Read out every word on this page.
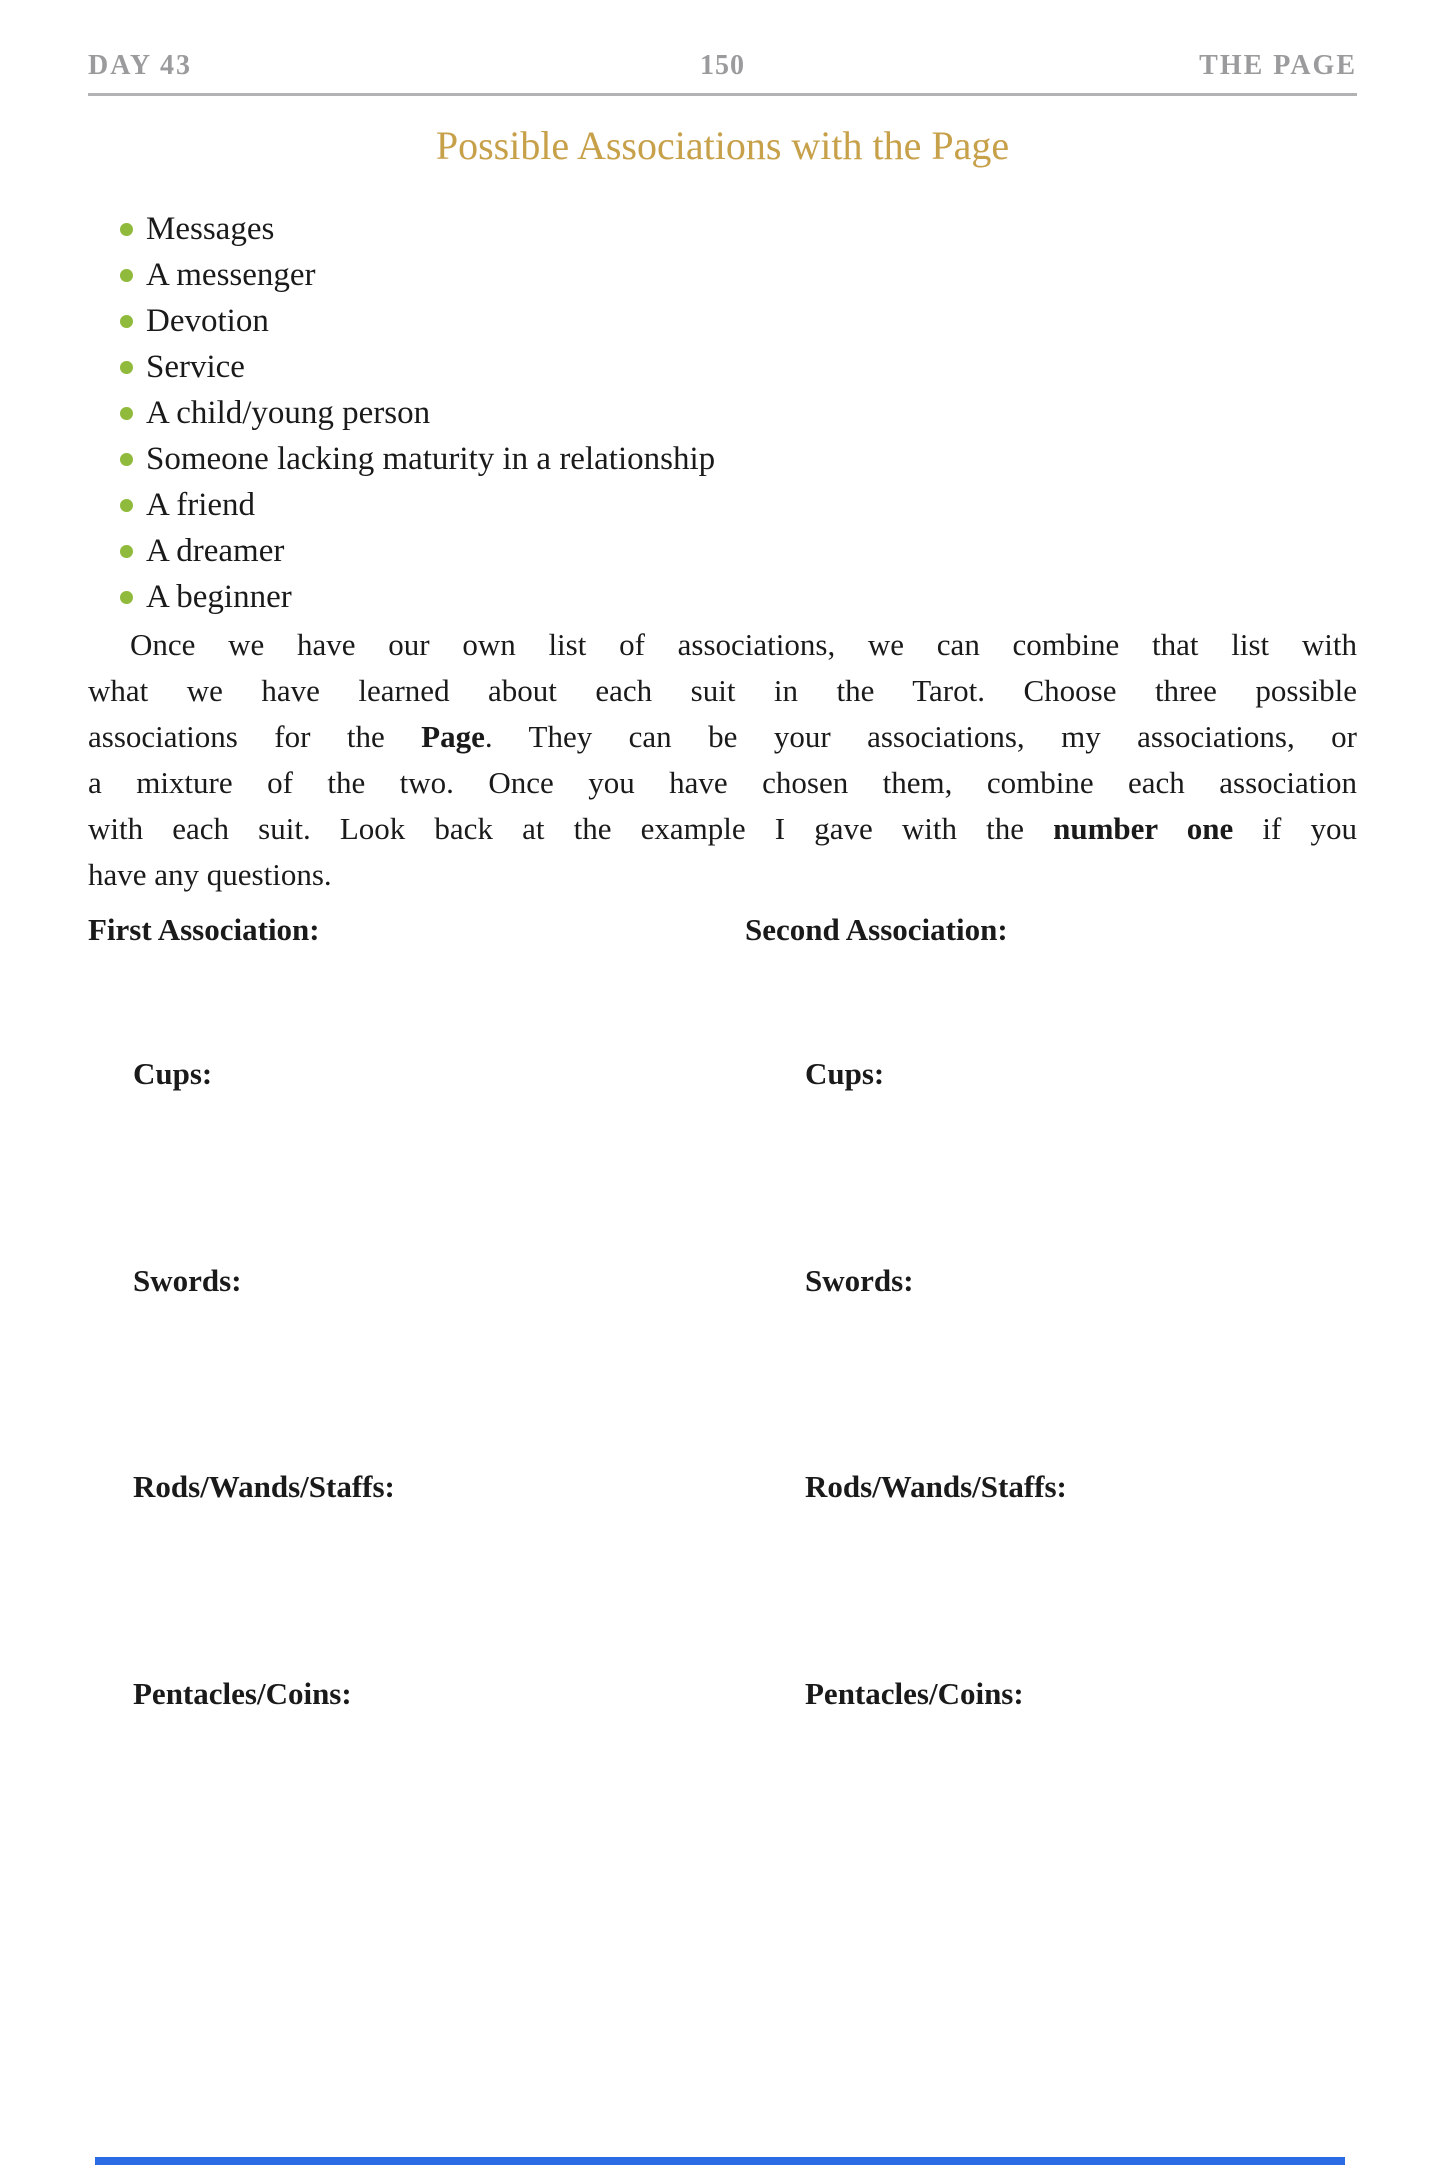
DAY 43	150	THE PAGE
Possible Associations with the Page
Messages
A messenger
Devotion
Service
A child/young person
Someone lacking maturity in a relationship
A friend
A dreamer
A beginner
Once we have our own list of associations, we can combine that list with
what we have learned about each suit in the Tarot. Choose three possible
associations for the Page. They can be your associations, my associations, or
a mixture of the two. Once you have chosen them, combine each association
with each suit. Look back at the example I gave with the number one if you
have any questions.
First Association:
Cups:
Swords:
Rods/Wands/Staffs:
Pentacles/Coins:
Second Association:
Cups:
Swords:
Rods/Wands/Staffs:
Pentacles/Coins:
